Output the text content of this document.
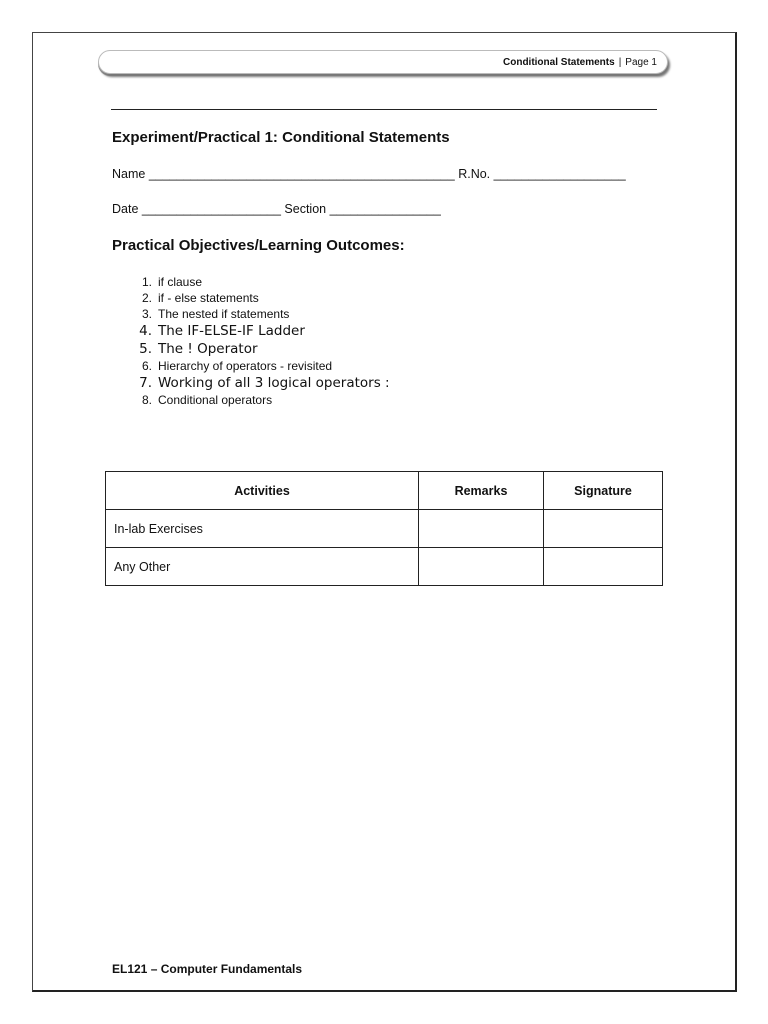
Conditional Statements | Page 1
Experiment/Practical 1: Conditional Statements
Name ____________________________________________ R.No. ___________________
Date ____________________ Section ________________
Practical Objectives/Learning Outcomes:
1. if clause
2. if - else statements
3. The nested if statements
4. The IF-ELSE-IF Ladder
5. The ! Operator
6. Hierarchy of operators - revisited
7. Working of all 3 logical operators :
8. Conditional operators
Activities	Remarks	Signature
In-lab Exercises		
Any Other		
EL121 – Computer Fundamentals
